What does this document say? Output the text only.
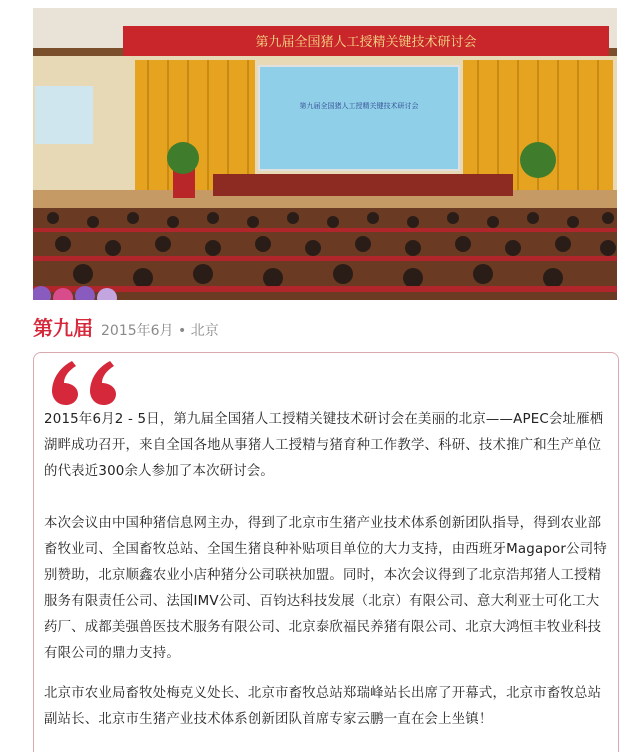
第九届全国猪人工授精关键技术研讨会
第九届全国猪人工授精关键技术研讨会
第九届 2015年6月 • 北京

2015年6月2 - 5日，第九届全国猪人工授精关键技术研讨会在美丽的北京——APEC会址雁栖湖畔成功召开，来自全国各地从事猪人工授精与猪育种工作教学、科研、技术推广和生产单位的代表近300余人参加了本次研讨会。

本次会议由中国种猪信息网主办，得到了北京市生猪产业技术体系创新团队指导，得到农业部畜牧业司、全国畜牧总站、全国生猪良种补贴项目单位的大力支持，由西班牙Magapor公司特别赞助，北京顺鑫农业小店种猪分公司联袂加盟。同时，本次会议得到了北京浩邦猪人工授精服务有限责任公司、法国IMV公司、百钧达科技发展（北京）有限公司、意大利亚士可化工大药厂、成都美强兽医技术服务有限公司、北京泰欣福民养猪有限公司、北京大鸿恒丰牧业科技有限公司的鼎力支持。

北京市农业局畜牧处梅克义处长、北京市畜牧总站郑瑞峰站长出席了开幕式，北京市畜牧总站副站长、北京市生猪产业技术体系创新团队首席专家云鹏一直在会上坐镇！
